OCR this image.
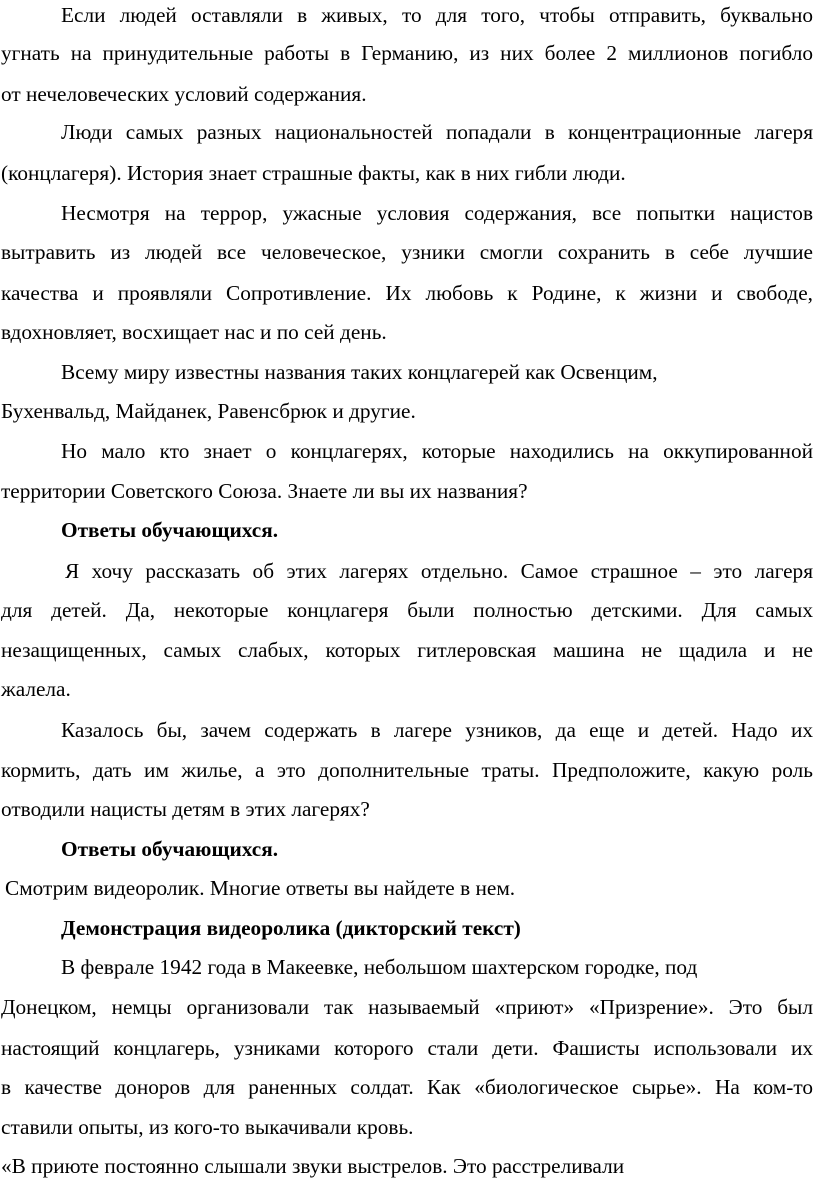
Если людей оставляли в живых, то для того, чтобы отправить, буквально
угнать на принудительные работы в Германию, из них более 2 миллионов погибло
от нечеловеческих условий содержания.
Люди самых разных национальностей попадали в концентрационные лагеря
(концлагеря). История знает страшные факты, как в них гибли люди.
Несмотря на террор, ужасные условия содержания, все попытки нацистов
вытравить из людей все человеческое, узники смогли сохранить в себе лучшие
качества и проявляли Сопротивление. Их любовь к Родине, к жизни и свободе,
вдохновляет, восхищает нас и по сей день.
Всему миру известны названия таких концлагерей как Освенцим,
Бухенвальд, Майданек, Равенсбрюк и другие.
Но мало кто знает о концлагерях, которые находились на оккупированной
территории Советского Союза. Знаете ли вы их названия?
Ответы обучающихся.
Я хочу рассказать об этих лагерях отдельно. Самое страшное – это лагеря
для детей. Да, некоторые концлагеря были полностью детскими. Для самых
незащищенных, самых слабых, которых гитлеровская машина не щадила и не
жалела.
Казалось бы, зачем содержать в лагере узников, да еще и детей. Надо их
кормить, дать им жилье, а это дополнительные траты. Предположите, какую роль
отводили нацисты детям в этих лагерях?
Ответы обучающихся.
Смотрим видеоролик. Многие ответы вы найдете в нем.
Демонстрация видеоролика (дикторский текст)
В феврале 1942 года в Макеевке, небольшом шахтерском городке, под
Донецком, немцы организовали так называемый «приют» «Призрение». Это был
настоящий концлагерь, узниками которого стали дети. Фашисты использовали их
в качестве доноров для раненных солдат. Как «биологическое сырье». На ком-то
ставили опыты, из кого-то выкачивали кровь.
«В приюте постоянно слышали звуки выстрелов. Это расстреливали
